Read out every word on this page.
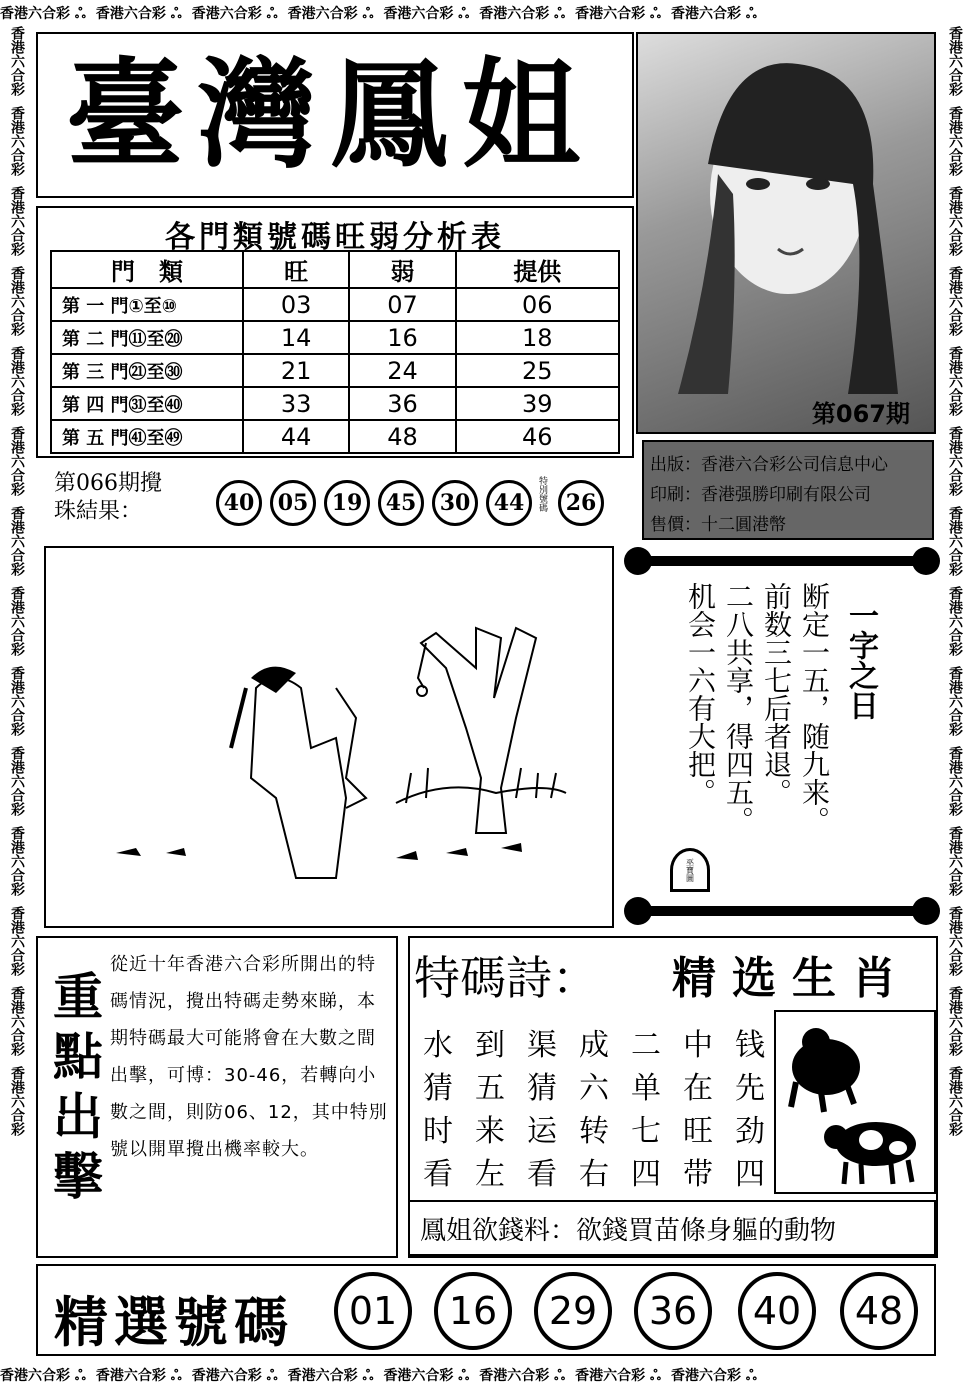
香港六合彩 ஃ 香港六合彩 ஃ 香港六合彩 ஃ 香港六合彩 ஃ 香港六合彩 ஃ 香港六合彩 ஃ 香港六合彩 ஃ 香港六合彩 ஃ
香港六合彩 ஃ 香港六合彩 ஃ 香港六合彩 ஃ 香港六合彩 ஃ 香港六合彩 ஃ 香港六合彩 ஃ 香港六合彩 ஃ 香港六合彩 ஃ
香港六合彩
香港六合彩
香港六合彩
香港六合彩
香港六合彩
香港六合彩
香港六合彩
香港六合彩
香港六合彩
香港六合彩
香港六合彩
香港六合彩
香港六合彩
香港六合彩
香港六合彩
香港六合彩
香港六合彩
香港六合彩
香港六合彩
香港六合彩
香港六合彩
香港六合彩
香港六合彩
香港六合彩
香港六合彩
香港六合彩
香港六合彩
香港六合彩
臺灣鳳姐
第067期
出版：香港六合彩公司信息中心
印刷：香港强勝印刷有限公司
售價：十二圓港幣
各門類號碼旺弱分析表
門　類	旺	弱	提供
第 一 門①至⑩	03	07	06
第 二 門⑪至⑳	14	16	18
第 三 門㉑至㉚	21	24	25
第 四 門㉛至㊵	33	36	39
第 五 門㊶至㊾	44	48	46
第066期攪
珠結果：	40	05	19	45	30	44	特別號碼 26
一字之日
断定一五，随九来。
前数三七后者退。
二八共享，得四五。
机会一六有大把。
巫寶圖
重點出擊
從近十年香港六合彩所開出的特碼情況，攪出特碼走勢來睇，本期特碼最大可能將會在大數之間出擊，可博：30-46，若轉向小數之間，則防06、12，其中特別號以開單攪出機率較大。
特碼詩： 精选生肖
水 到 渠 成 二 中 钱
猜 五 猜 六 单 在 先
时 来 运 转 七 旺 劲
看 左 看 右 四 带 四
鳳姐欲錢料： 欲錢買苗條身軀的動物
精選號碼	01	16	29	36	40	48
